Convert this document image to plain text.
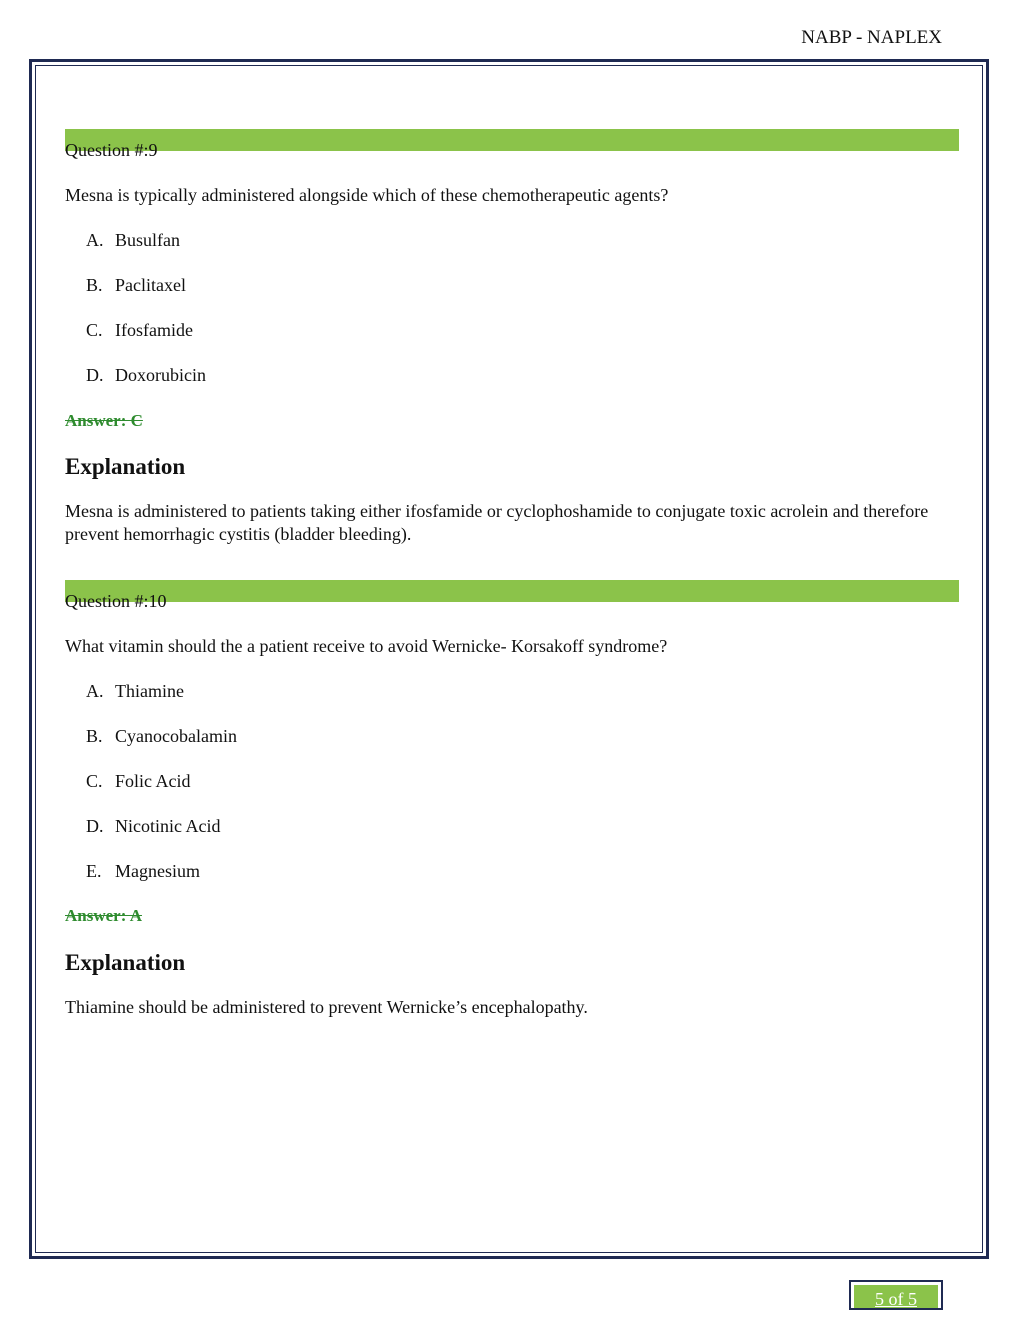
NABP - NAPLEX
Question #:9
Mesna is typically administered alongside which of these chemotherapeutic agents?
A. Busulfan
B. Paclitaxel
C. Ifosfamide
D. Doxorubicin
Answer: C
Explanation
Mesna is administered to patients taking either ifosfamide or cyclophoshamide to conjugate toxic acrolein and therefore prevent hemorrhagic cystitis (bladder bleeding).
Question #:10
What vitamin should the a patient receive to avoid Wernicke- Korsakoff syndrome?
A. Thiamine
B. Cyanocobalamin
C. Folic Acid
D. Nicotinic Acid
E. Magnesium
Answer: A
Explanation
Thiamine should be administered to prevent Wernicke’s encephalopathy.
5 of 5
